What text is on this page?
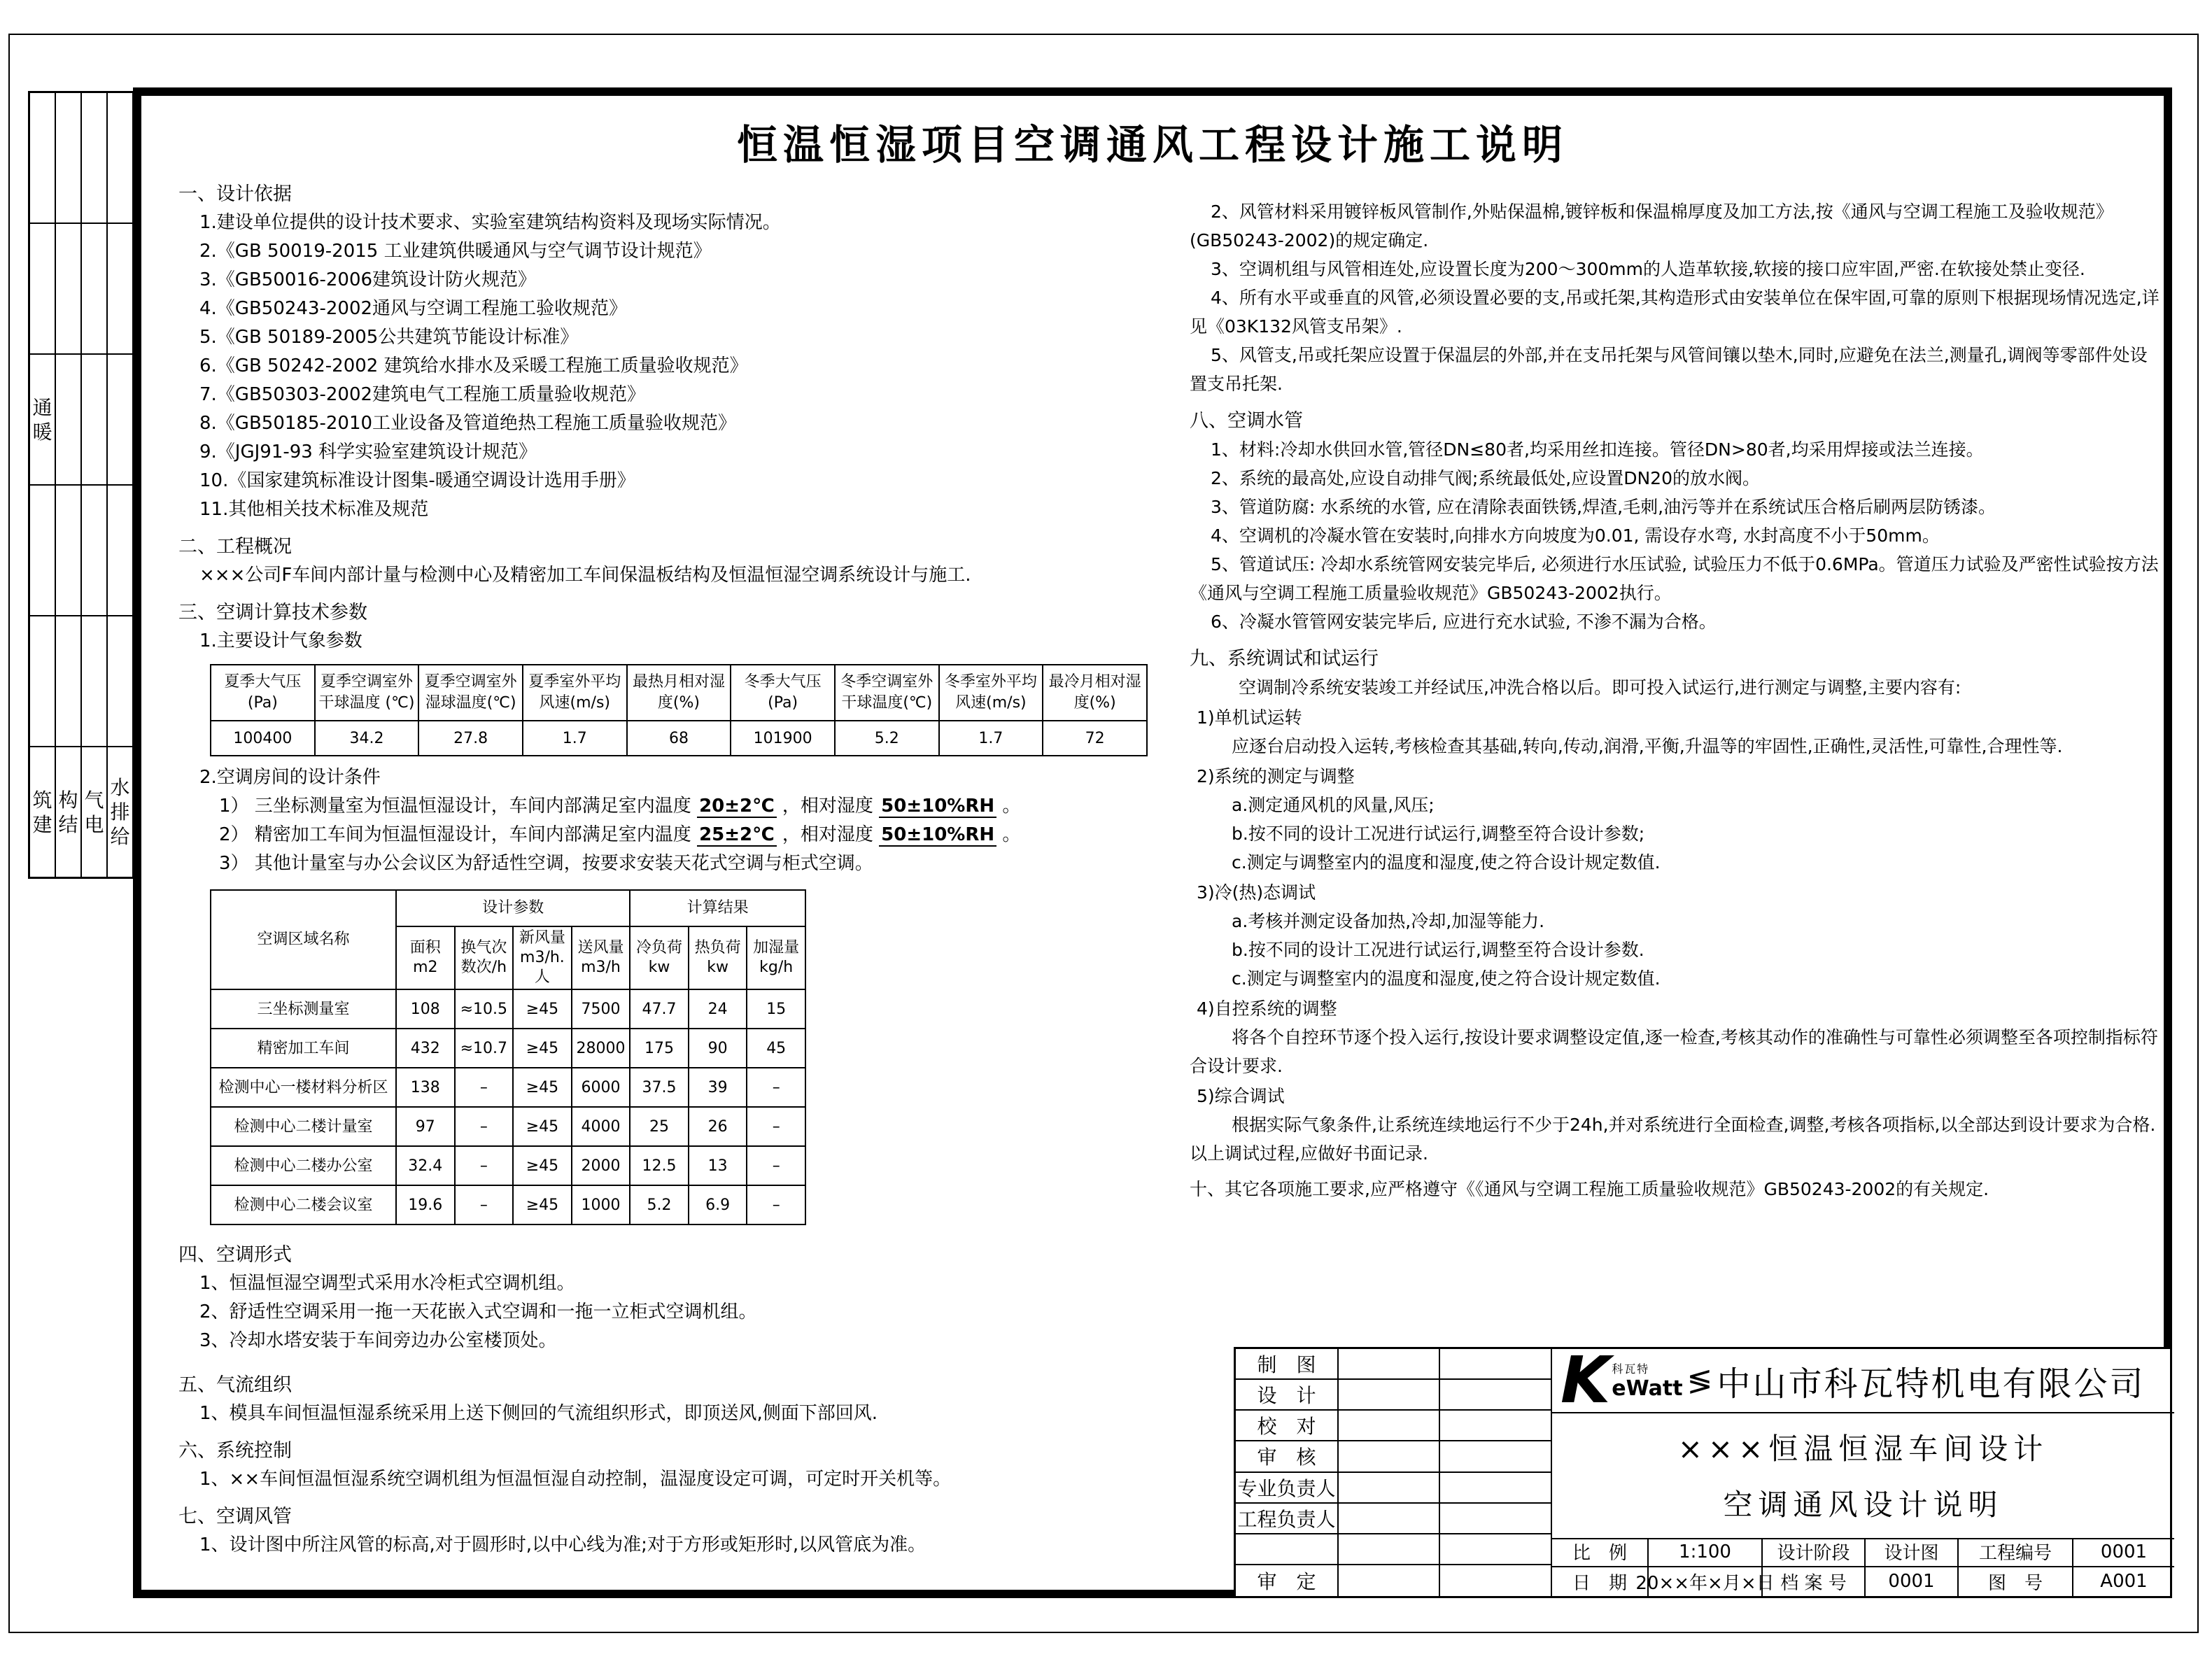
通暖
筑建
构结
气电
水排给
恒温恒湿项目空调通风工程设计施工说明
一、设计依据
1.建设单位提供的设计技术要求、实验室建筑结构资料及现场实际情况。
2.《GB 50019-2015 工业建筑供暖通风与空气调节设计规范》
3.《GB50016-2006建筑设计防火规范》
4.《GB50243-2002通风与空调工程施工验收规范》
5.《GB 50189-2005公共建筑节能设计标准》
6.《GB 50242-2002 建筑给水排水及采暖工程施工质量验收规范》
7.《GB50303-2002建筑电气工程施工质量验收规范》
8.《GB50185-2010工业设备及管道绝热工程施工质量验收规范》
9.《JGJ91-93 科学实验室建筑设计规范》
10.《国家建筑标准设计图集-暖通空调设计选用手册》
11.其他相关技术标准及规范
二、工程概况
×××公司F车间内部计量与检测中心及精密加工车间保温板结构及恒温恒湿空调系统设计与施工.
三、空调计算技术参数
1.主要设计气象参数
夏季大气压(Pa)	夏季空调室外干球温度 (℃)	夏季空调室外湿球温度(℃)	夏季室外平均风速(m/s)	最热月相对湿度(%)	冬季大气压(Pa)	冬季空调室外干球温度(℃)	冬季室外平均风速(m/s)	最冷月相对湿度(%)
100400	34.2	27.8	1.7	68	101900	5.2	1.7	72
2.空调房间的设计条件
1） 三坐标测量室为恒温恒湿设计，车间内部满足室内温度 20±2℃ ，相对湿度 50±10%RH 。
2） 精密加工车间为恒温恒湿设计，车间内部满足室内温度 25±2℃ ，相对湿度 50±10%RH 。
3） 其他计量室与办公会议区为舒适性空调，按要求安装天花式空调与柜式空调。
空调区域名称	设计参数				计算结果		
	面积m2	换气次数次/h	新风量m3/h.人	送风量m3/h	冷负荷kw	热负荷kw	加湿量kg/h
三坐标测量室	108	≈10.5	≥45	7500	47.7	24	15
精密加工车间	432	≈10.7	≥45	28000	175	90	45
检测中心一楼材料分析区	138	–	≥45	6000	37.5	39	–
检测中心二楼计量室	97	–	≥45	4000	25	26	–
检测中心二楼办公室	32.4	–	≥45	2000	12.5	13	–
检测中心二楼会议室	19.6	–	≥45	1000	5.2	6.9	–
四、空调形式
1、恒温恒湿空调型式采用水冷柜式空调机组。
2、舒适性空调采用一拖一天花嵌入式空调和一拖一立柜式空调机组。
3、冷却水塔安装于车间旁边办公室楼顶处。
五、气流组织
1、模具车间恒温恒湿系统采用上送下侧回的气流组织形式，即顶送风,侧面下部回风.
六、系统控制
1、××车间恒温恒湿系统空调机组为恒温恒湿自动控制，温湿度设定可调，可定时开关机等。
七、空调风管
1、设计图中所注风管的标高,对于圆形时,以中心线为准;对于方形或矩形时,以风管底为准。

2、风管材料采用镀锌板风管制作,外贴保温棉,镀锌板和保温棉厚度及加工方法,按《通风与空调工程施工及验收规范》(GB50243-2002)的规定确定.

3、空调机组与风管相连处,应设置长度为200～300mm的人造革软接,软接的接口应牢固,严密.在软接处禁止变径.

4、所有水平或垂直的风管,必须设置必要的支,吊或托架,其构造形式由安装单位在保牢固,可靠的原则下根据现场情况选定,详见《03K132风管支吊架》.

5、风管支,吊或托架应设置于保温层的外部,并在支吊托架与风管间镶以垫木,同时,应避免在法兰,测量孔,调阀等零部件处设置支吊托架.

八、空调水管

1、材料:冷却水供回水管,管径DN≤80者,均采用丝扣连接。管径DN>80者,均采用焊接或法兰连接。

2、系统的最高处,应设自动排气阀;系统最低处,应设置DN20的放水阀。

3、管道防腐: 水系统的水管, 应在清除表面铁锈,焊渣,毛刺,油污等并在系统试压合格后刷两层防锈漆。

4、空调机的冷凝水管在安装时,向排水方向坡度为0.01, 需设存水弯, 水封高度不小于50mm。

5、管道试压: 冷却水系统管网安装完毕后, 必须进行水压试验, 试验压力不低于0.6MPa。管道压力试验及严密性试验按方法《通风与空调工程施工质量验收规范》GB50243-2002执行。

6、冷凝水管管网安装完毕后, 应进行充水试验, 不渗不漏为合格。

九、系统调试和试运行

空调制冷系统安装竣工并经试压,冲洗合格以后。即可投入试运行,进行测定与调整,主要内容有:

1)单机试运转

应逐台启动投入运转,考核检查其基础,转向,传动,润滑,平衡,升温等的牢固性,正确性,灵活性,可靠性,合理性等.

2)系统的测定与调整

a.测定通风机的风量,风压;

b.按不同的设计工况进行试运行,调整至符合设计参数;

c.测定与调整室内的温度和湿度,使之符合设计规定数值.

3)冷(热)态调试

a.考核并测定设备加热,冷却,加湿等能力.

b.按不同的设计工况进行试运行,调整至符合设计参数.

c.测定与调整室内的温度和湿度,使之符合设计规定数值.

4)自控系统的调整

将各个自控环节逐个投入运行,按设计要求调整设定值,逐一检查,考核其动作的准确性与可靠性必须调整至各项控制指标符合设计要求.

5)综合调试

根据实际气象条件,让系统连续地运行不少于24h,并对系统进行全面检查,调整,考核各项指标,以全部达到设计要求为合格.以上调试过程,应做好书面记录.

十、其它各项施工要求,应严格遵守《《通风与空调工程施工质量验收规范》GB50243-2002的有关规定.

制　图
设　计
校　对
审　核
专业负责人
工程负责人
审　定
K 科瓦特
eWatt ≶ 中山市科瓦特机电有限公司
×××恒温恒湿车间设计
空调通风设计说明
比　例	1:100	设计阶段	设计图	工程编号	0001
日　期 20××年×月×日 档 案 号	0001	图　号	A001
